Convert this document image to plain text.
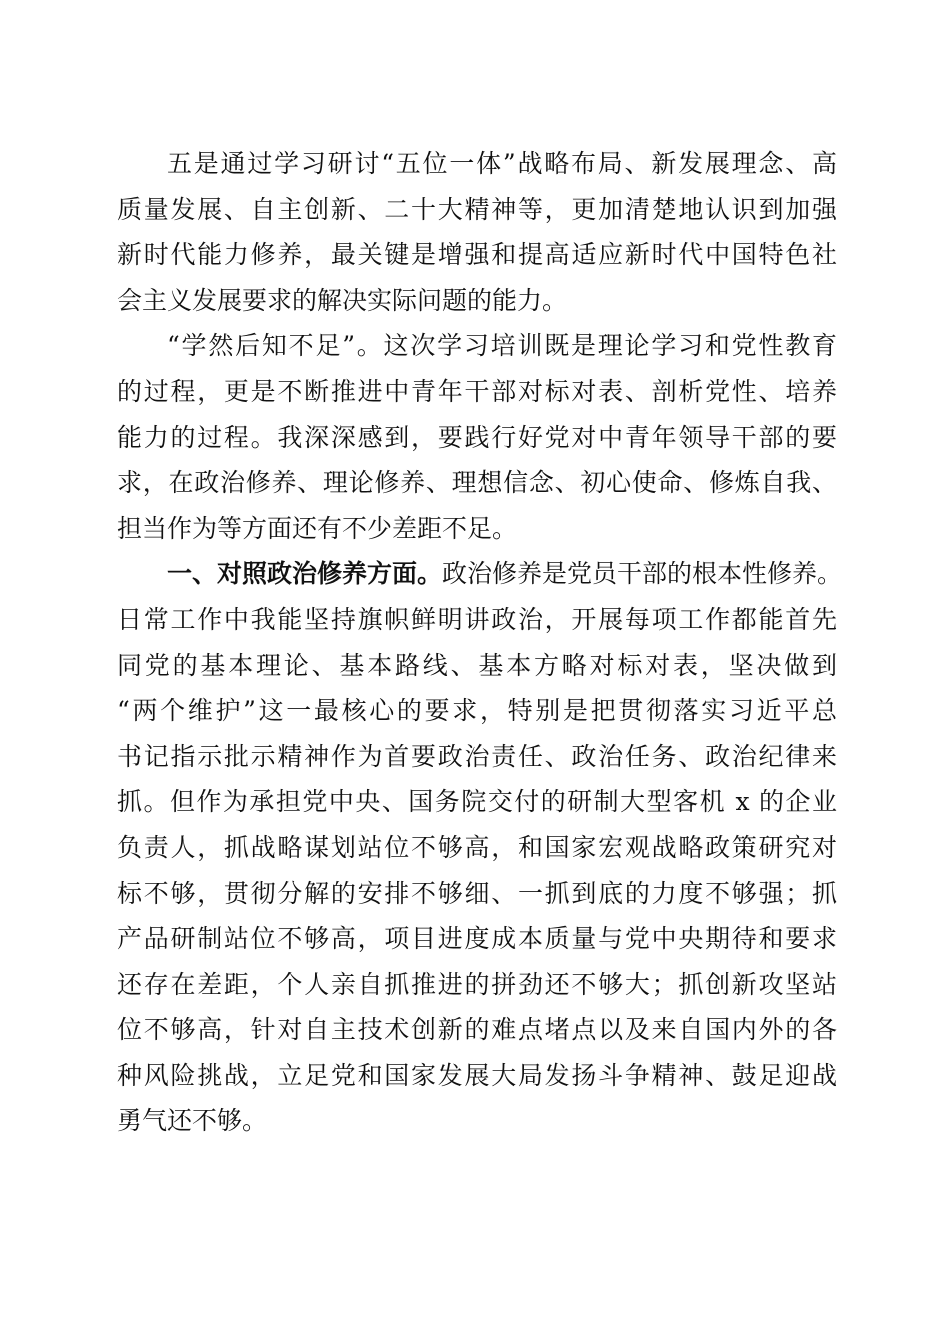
五是通过学习研讨“五位一体”战略布局、新发展理念、高
质量发展、自主创新、二十大精神等，更加清楚地认识到加强
新时代能力修养，最关键是增强和提高适应新时代中国特色社
会主义发展要求的解决实际问题的能力。
“学然后知不足”。这次学习培训既是理论学习和党性教育
的过程，更是不断推进中青年干部对标对表、剖析党性、培养
能力的过程。我深深感到，要践行好党对中青年领导干部的要
求，在政治修养、理论修养、理想信念、初心使命、修炼自我、
担当作为等方面还有不少差距不足。
一、对照政治修养方面。政治修养是党员干部的根本性修养。
日常工作中我能坚持旗帜鲜明讲政治，开展每项工作都能首先
同党的基本理论、基本路线、基本方略对标对表，坚决做到
“两个维护”这一最核心的要求，特别是把贯彻落实习近平总
书记指示批示精神作为首要政治责任、政治任务、政治纪律来
抓。但作为承担党中央、国务院交付的研制大型客机 x 的企业
负责人，抓战略谋划站位不够高，和国家宏观战略政策研究对
标不够，贯彻分解的安排不够细、一抓到底的力度不够强；抓
产品研制站位不够高，项目进度成本质量与党中央期待和要求
还存在差距，个人亲自抓推进的拼劲还不够大；抓创新攻坚站
位不够高，针对自主技术创新的难点堵点以及来自国内外的各
种风险挑战，立足党和国家发展大局发扬斗争精神、鼓足迎战
勇气还不够。
